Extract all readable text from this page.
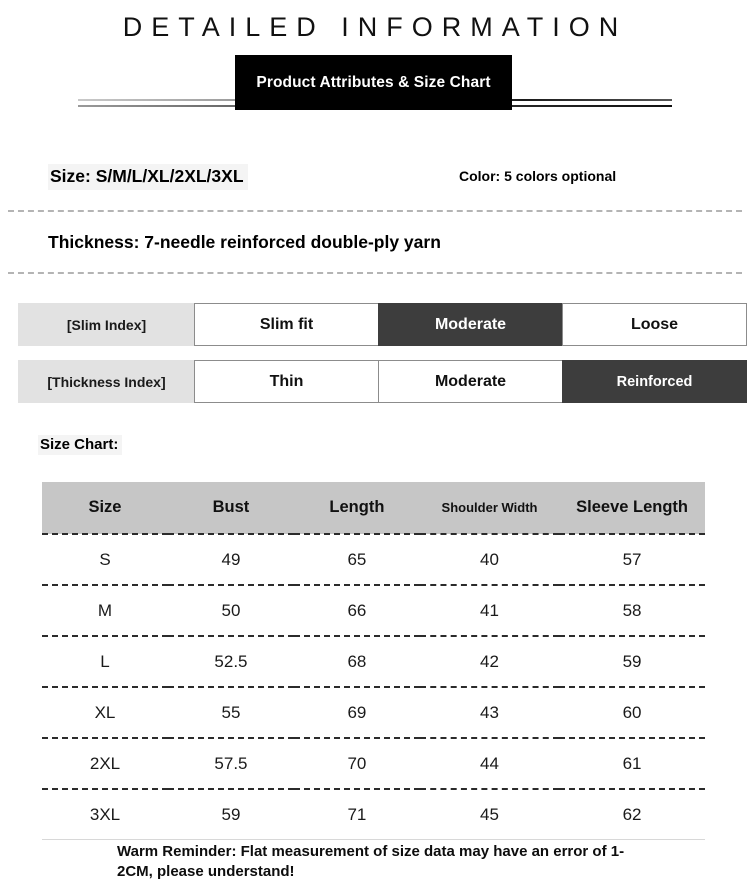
DETAILED INFORMATION
Product Attributes & Size Chart
Size: S/M/L/XL/2XL/3XL	Color: 5 colors optional
Thickness: 7-needle reinforced double-ply yarn
[Slim Index]	Slim fit	Moderate	Loose
[Thickness Index]	Thin	Moderate	Reinforced
Size Chart:
Size	Bust	Length	Shoulder Width	Sleeve Length
S	49	65	40	57
M	50	66	41	58
L	52.5	68	42	59
XL	55	69	43	60
2XL	57.5	70	44	61
3XL	59	71	45	62
Warm Reminder: Flat measurement of size data may have an error of 1-2CM, please understand!
